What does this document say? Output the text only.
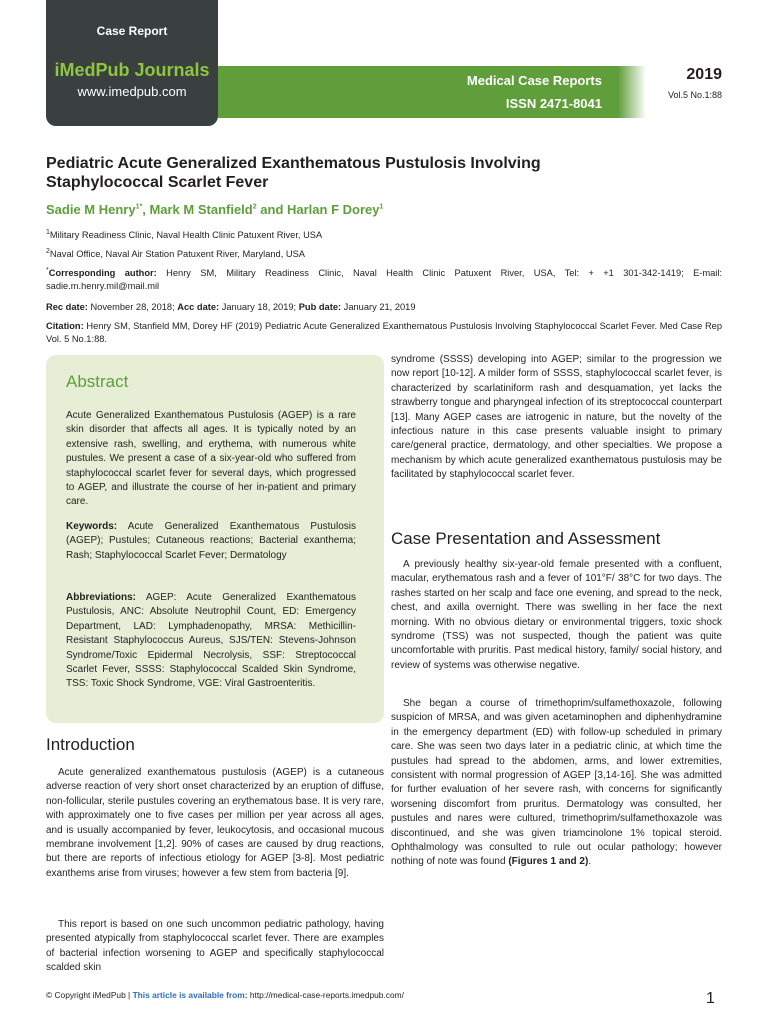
Case Report
iMedPub Journals
www.imedpub.com
Medical Case Reports
ISSN 2471-8041
2019
Vol.5 No.1:88
Pediatric Acute Generalized Exanthematous Pustulosis Involving
Staphylococcal Scarlet Fever
Sadie M Henry$^{1*}$, Mark M Stanfield$^2$ and Harlan F Dorey$^1$
$^1$Military Readiness Clinic, Naval Health Clinic Patuxent River, USA
$^2$Naval Office, Naval Air Station Patuxent River, Maryland, USA
*Corresponding author: Henry SM, Military Readiness Clinic, Naval Health Clinic Patuxent River, USA, Tel: + +1 301-342-1419; E-mail: sadie.m.henry.mil@mail.mil
Rec date: November 28, 2018; Acc date: January 18, 2019; Pub date: January 21, 2019
Citation: Henry SM, Stanfield MM, Dorey HF (2019) Pediatric Acute Generalized Exanthematous Pustulosis Involving Staphylococcal Scarlet Fever. Med Case Rep Vol. 5 No.1:88.
Abstract
Acute Generalized Exanthematous Pustulosis (AGEP) is a rare skin disorder that affects all ages. It is typically noted by an extensive rash, swelling, and erythema, with numerous white pustules. We present a case of a six-year-old who suffered from staphylococcal scarlet fever for several days, which progressed to AGEP, and illustrate the course of her in-patient and primary care.
Keywords: Acute Generalized Exanthematous Pustulosis (AGEP); Pustules; Cutaneous reactions; Bacterial exanthema; Rash; Staphylococcal Scarlet Fever; Dermatology
Abbreviations: AGEP: Acute Generalized Exanthematous Pustulosis, ANC: Absolute Neutrophil Count, ED: Emergency Department, LAD: Lymphadenopathy, MRSA: Methicillin-Resistant Staphylococcus Aureus, SJS/TEN: Stevens-Johnson Syndrome/Toxic Epidermal Necrolysis, SSF: Streptococcal Scarlet Fever, SSSS: Staphylococcal Scalded Skin Syndrome, TSS: Toxic Shock Syndrome, VGE: Viral Gastroenteritis.
Introduction
Acute generalized exanthematous pustulosis (AGEP) is a cutaneous adverse reaction of very short onset characterized by an eruption of diffuse, non-follicular, sterile pustules covering an erythematous base. It is very rare, with approximately one to five cases per million per year across all ages, and is usually accompanied by fever, leukocytosis, and occasional mucous membrane involvement [1,2]. 90% of cases are caused by drug reactions, but there are reports of infectious etiology for AGEP [3-8]. Most pediatric exanthems arise from viruses; however a few stem from bacteria [9].
This report is based on one such uncommon pediatric pathology, having presented atypically from staphylococcal scarlet fever. There are examples of bacterial infection worsening to AGEP and specifically staphylococcal scalded skin
syndrome (SSSS) developing into AGEP; similar to the progression we now report [10-12]. A milder form of SSSS, staphylococcal scarlet fever, is characterized by scarlatiniform rash and desquamation, yet lacks the strawberry tongue and pharyngeal infection of its streptococcal counterpart [13]. Many AGEP cases are iatrogenic in nature, but the novelty of the infectious nature in this case presents valuable insight to primary care/general practice, dermatology, and other specialties. We propose a mechanism by which acute generalized exanthematous pustulosis may be facilitated by staphylococcal scarlet fever.
Case Presentation and Assessment
A previously healthy six-year-old female presented with a confluent, macular, erythematous rash and a fever of 101°F/ 38°C for two days. The rashes started on her scalp and face one evening, and spread to the neck, chest, and axilla overnight. There was swelling in her face the next morning. With no obvious dietary or environmental triggers, toxic shock syndrome (TSS) was not suspected, though the patient was quite uncomfortable with pruritis. Past medical history, family/ social history, and review of systems was otherwise negative.
She began a course of trimethoprim/sulfamethoxazole, following suspicion of MRSA, and was given acetaminophen and diphenhydramine in the emergency department (ED) with follow-up scheduled in primary care. She was seen two days later in a pediatric clinic, at which time the pustules had spread to the abdomen, arms, and lower extremities, consistent with normal progression of AGEP [3,14-16]. She was admitted for further evaluation of her severe rash, with concerns for significantly worsening discomfort from pruritus. Dermatology was consulted, her pustules and nares were cultured, trimethoprim/sulfamethoxazole was discontinued, and she was given triamcinolone 1% topical steroid. Ophthalmology was consulted to rule out ocular pathology; however nothing of note was found (Figures 1 and 2).
© Copyright iMedPub | This article is available from: http://medical-case-reports.imedpub.com/	1
